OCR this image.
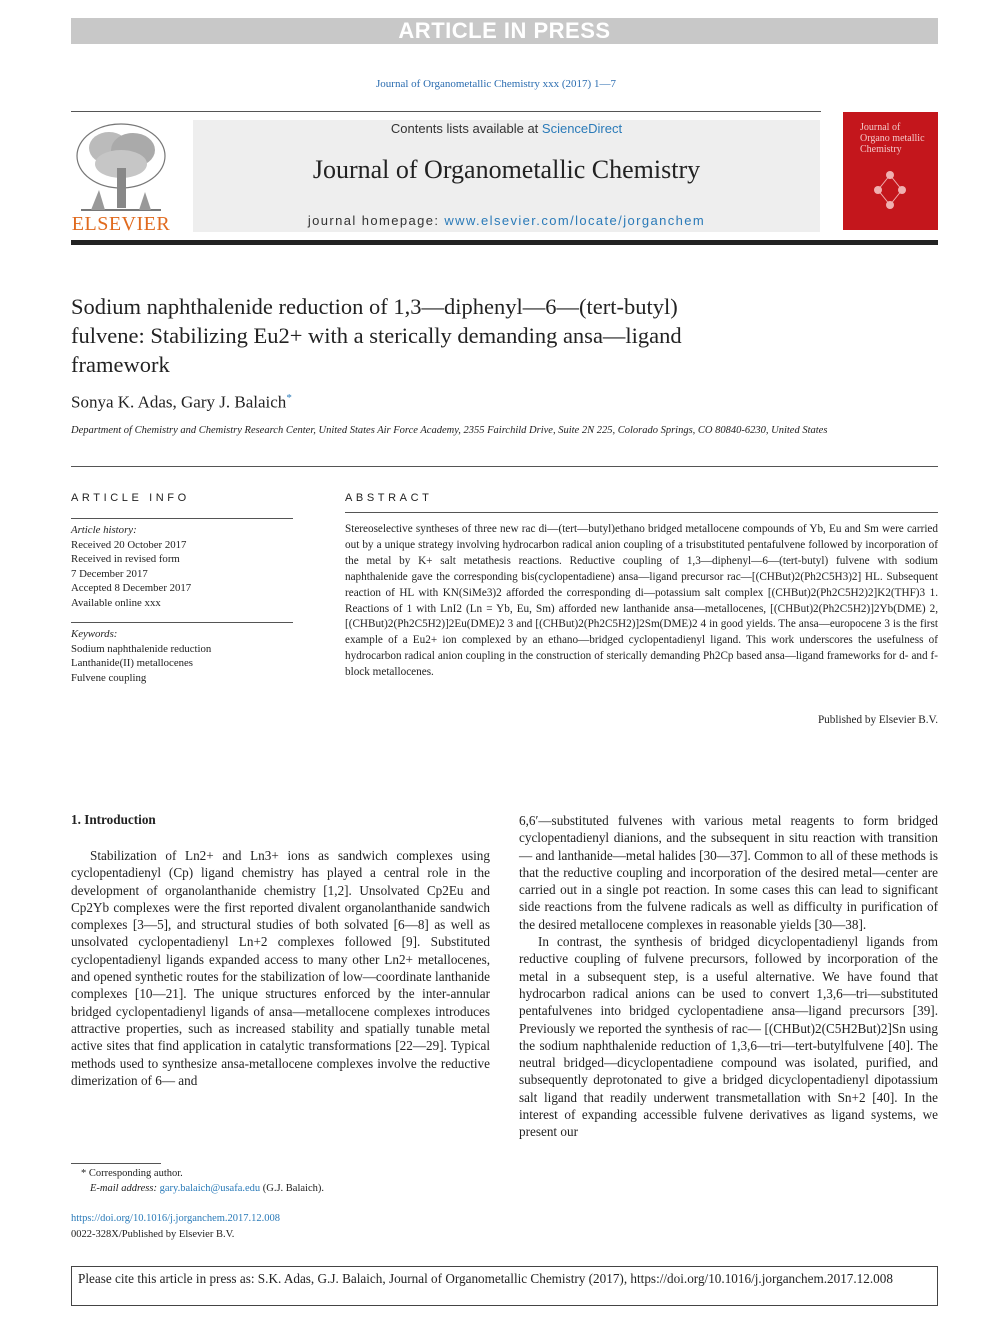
ARTICLE IN PRESS
Journal of Organometallic Chemistry xxx (2017) 1—7
ELSEVIER
Contents lists available at ScienceDirect
Journal of Organometallic Chemistry
journal homepage: www.elsevier.com/locate/jorganchem
Journal of Organo metallic Chemistry
Sodium naphthalenide reduction of 1,3—diphenyl—6—(tert-butyl)
fulvene: Stabilizing Eu2+ with a sterically demanding ansa—ligand
framework
Sonya K. Adas, Gary J. Balaich*
Department of Chemistry and Chemistry Research Center, United States Air Force Academy, 2355 Fairchild Drive, Suite 2N 225, Colorado Springs, CO 80840-6230, United States
ARTICLE INFO
Article history:
Received 20 October 2017
Received in revised form
7 December 2017
Accepted 8 December 2017
Available online xxx
Keywords:
Sodium naphthalenide reduction
Lanthanide(II) metallocenes
Fulvene coupling
ABSTRACT
Stereoselective syntheses of three new rac di—(tert—butyl)ethano bridged metallocene compounds of Yb, Eu and Sm were carried out by a unique strategy involving hydrocarbon radical anion coupling of a trisubstituted pentafulvene followed by incorporation of the metal by K+ salt metathesis reactions. Reductive coupling of 1,3—diphenyl—6—(tert-butyl) fulvene with sodium naphthalenide gave the corresponding bis(cyclopentadiene) ansa—ligand precursor rac—[(CHBut)2(Ph2C5H3)2] HL. Subsequent reaction of HL with KN(SiMe3)2 afforded the corresponding di—potassium salt complex [(CHBut)2(Ph2C5H2)2]K2(THF)3 1. Reactions of 1 with LnI2 (Ln = Yb, Eu, Sm) afforded new lanthanide ansa—metallocenes, [(CHBut)2(Ph2C5H2)]2Yb(DME) 2, [(CHBut)2(Ph2C5H2)]2Eu(DME)2 3 and [(CHBut)2(Ph2C5H2)]2Sm(DME)2 4 in good yields. The ansa—europocene 3 is the first example of a Eu2+ ion complexed by an ethano—bridged cyclopentadienyl ligand. This work underscores the usefulness of hydrocarbon radical anion coupling in the construction of sterically demanding Ph2Cp based ansa—ligand frameworks for d- and f-block metallocenes.
Published by Elsevier B.V.
1. Introduction

Stabilization of Ln2+ and Ln3+ ions as sandwich complexes using cyclopentadienyl (Cp) ligand chemistry has played a central role in the development of organolanthanide chemistry [1,2]. Unsolvated Cp2Eu and Cp2Yb complexes were the first reported divalent organolanthanide sandwich complexes [3—5], and structural studies of both solvated [6—8] as well as unsolvated cyclopentadienyl Ln+2 complexes followed [9]. Substituted cyclopentadienyl ligands expanded access to many other Ln2+ metallocenes, and opened synthetic routes for the stabilization of low—coordinate lanthanide complexes [10—21]. The unique structures enforced by the inter-annular bridged cyclopentadienyl ligands of ansa—metallocene complexes introduces attractive properties, such as increased stability and spatially tunable metal active sites that find application in catalytic transformations [22—29]. Typical methods used to synthesize ansa-metallocene complexes involve the reductive dimerization of 6— and

6,6′—substituted fulvenes with various metal reagents to form bridged cyclopentadienyl dianions, and the subsequent in situ reaction with transition— and lanthanide—metal halides [30—37]. Common to all of these methods is that the reductive coupling and incorporation of the desired metal—center are carried out in a single pot reaction. In some cases this can lead to significant side reactions from the fulvene radicals as well as difficulty in purification of the desired metallocene complexes in reasonable yields [30—38].

In contrast, the synthesis of bridged dicyclopentadienyl ligands from reductive coupling of fulvene precursors, followed by incorporation of the metal in a subsequent step, is a useful alternative. We have found that hydrocarbon radical anions can be used to convert 1,3,6—tri—substituted pentafulvenes into bridged cyclopentadiene ansa—ligand precursors [39]. Previously we reported the synthesis of rac— [(CHBut)2(C5H2But)2]Sn using the sodium naphthalenide reduction of 1,3,6—tri—tert-butylfulvene [40]. The neutral bridged—dicyclopentadiene compound was isolated, purified, and subsequently deprotonated to give a bridged dicyclopentadienyl dipotassium salt ligand that readily underwent transmetallation with Sn+2 [40]. In the interest of expanding accessible fulvene derivatives as ligand systems, we present our

* Corresponding author.
E-mail address: gary.balaich@usafa.edu (G.J. Balaich).
https://doi.org/10.1016/j.jorganchem.2017.12.008
0022-328X/Published by Elsevier B.V.
Please cite this article in press as: S.K. Adas, G.J. Balaich, Journal of Organometallic Chemistry (2017), https://doi.org/10.1016/j.jorganchem.2017.12.008
